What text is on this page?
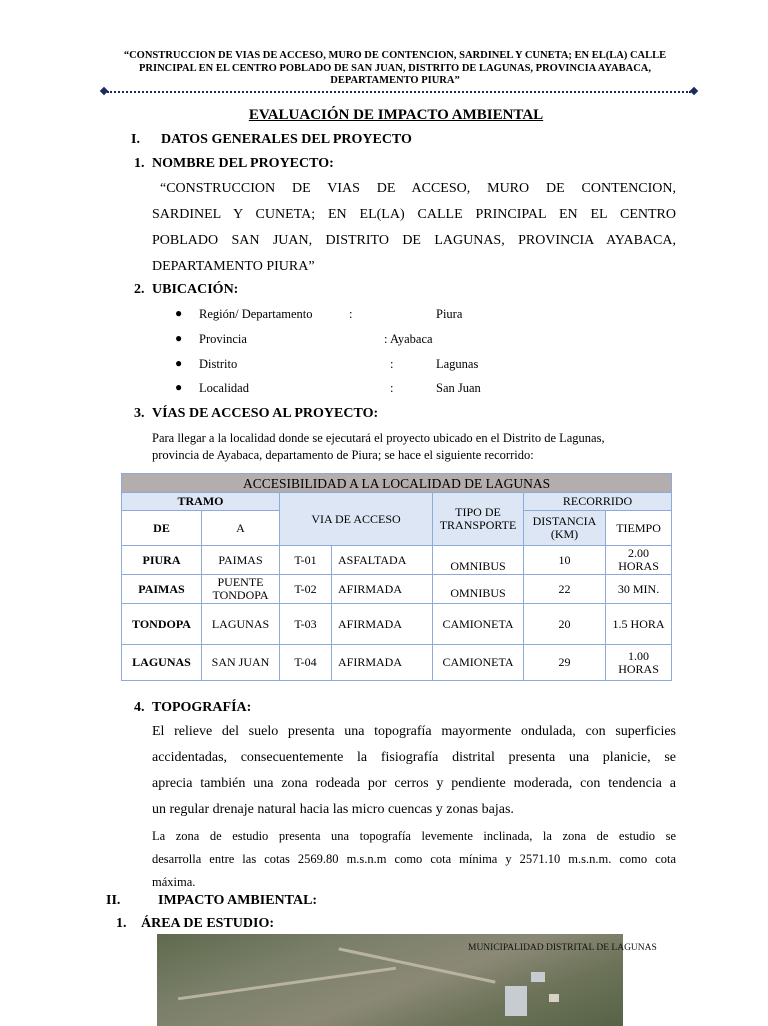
“CONSTRUCCION DE VIAS DE ACCESO, MURO DE CONTENCION, SARDINEL Y CUNETA; EN EL(LA) CALLE PRINCIPAL EN EL CENTRO POBLADO DE SAN JUAN, DISTRITO DE LAGUNAS, PROVINCIA AYABACA, DEPARTAMENTO PIURA”
EVALUACIÓN DE IMPACTO AMBIENTAL
I. DATOS GENERALES DEL PROYECTO
1. NOMBRE DEL PROYECTO:
“CONSTRUCCION DE VIAS DE ACCESO, MURO DE CONTENCION,
SARDINEL Y CUNETA; EN EL(LA) CALLE PRINCIPAL EN EL CENTRO
POBLADO SAN JUAN, DISTRITO DE LAGUNAS, PROVINCIA AYABACA,
DEPARTAMENTO PIURA”
2. UBICACIÓN:
● Región/ Departamento	:	Piura
● Provincia	: Ayabaca
● Distrito	:	Lagunas
● Localidad	:	San Juan
3. VÍAS DE ACCESO AL PROYECTO:
Para llegar a la localidad donde se ejecutará el proyecto ubicado en el Distrito de Lagunas,
provincia de Ayabaca, departamento de Piura; se hace el siguiente recorrido:
ACCESIBILIDAD A LA LOCALIDAD DE LAGUNAS						
TRAMO		VIA DE ACCESO		TIPO DE TRANSPORTE	RECORRIDO	
DE	A				DISTANCIA (KM)	TIEMPO
PIURA	PAIMAS	T-01	ASFALTADA	OMNIBUS	10	2.00 HORAS
PAIMAS	PUENTE TONDOPA	T-02	AFIRMADA	OMNIBUS	22	30 MIN.
TONDOPA	LAGUNAS	T-03	AFIRMADA	CAMIONETA	20	1.5 HORA
LAGUNAS	SAN JUAN	T-04	AFIRMADA	CAMIONETA	29	1.00 HORAS
4. TOPOGRAFÍA:
El relieve del suelo presenta una topografía mayormente ondulada, con superficies
accidentadas, consecuentemente la fisiografía distrital presenta una planicie, se
aprecia también una zona rodeada por cerros y pendiente moderada, con tendencia a
un regular drenaje natural hacia las micro cuencas y zonas bajas.
La zona de estudio presenta una topografía levemente inclinada, la zona de estudio se
desarrolla entre las cotas 2569.80 m.s.n.m como cota mínima y 2571.10 m.s.n.m. como cota
máxima.
II.	IMPACTO AMBIENTAL:
1. ÁREA DE ESTUDIO:
MUNICIPALIDAD DISTRITAL DE LAGUNAS
